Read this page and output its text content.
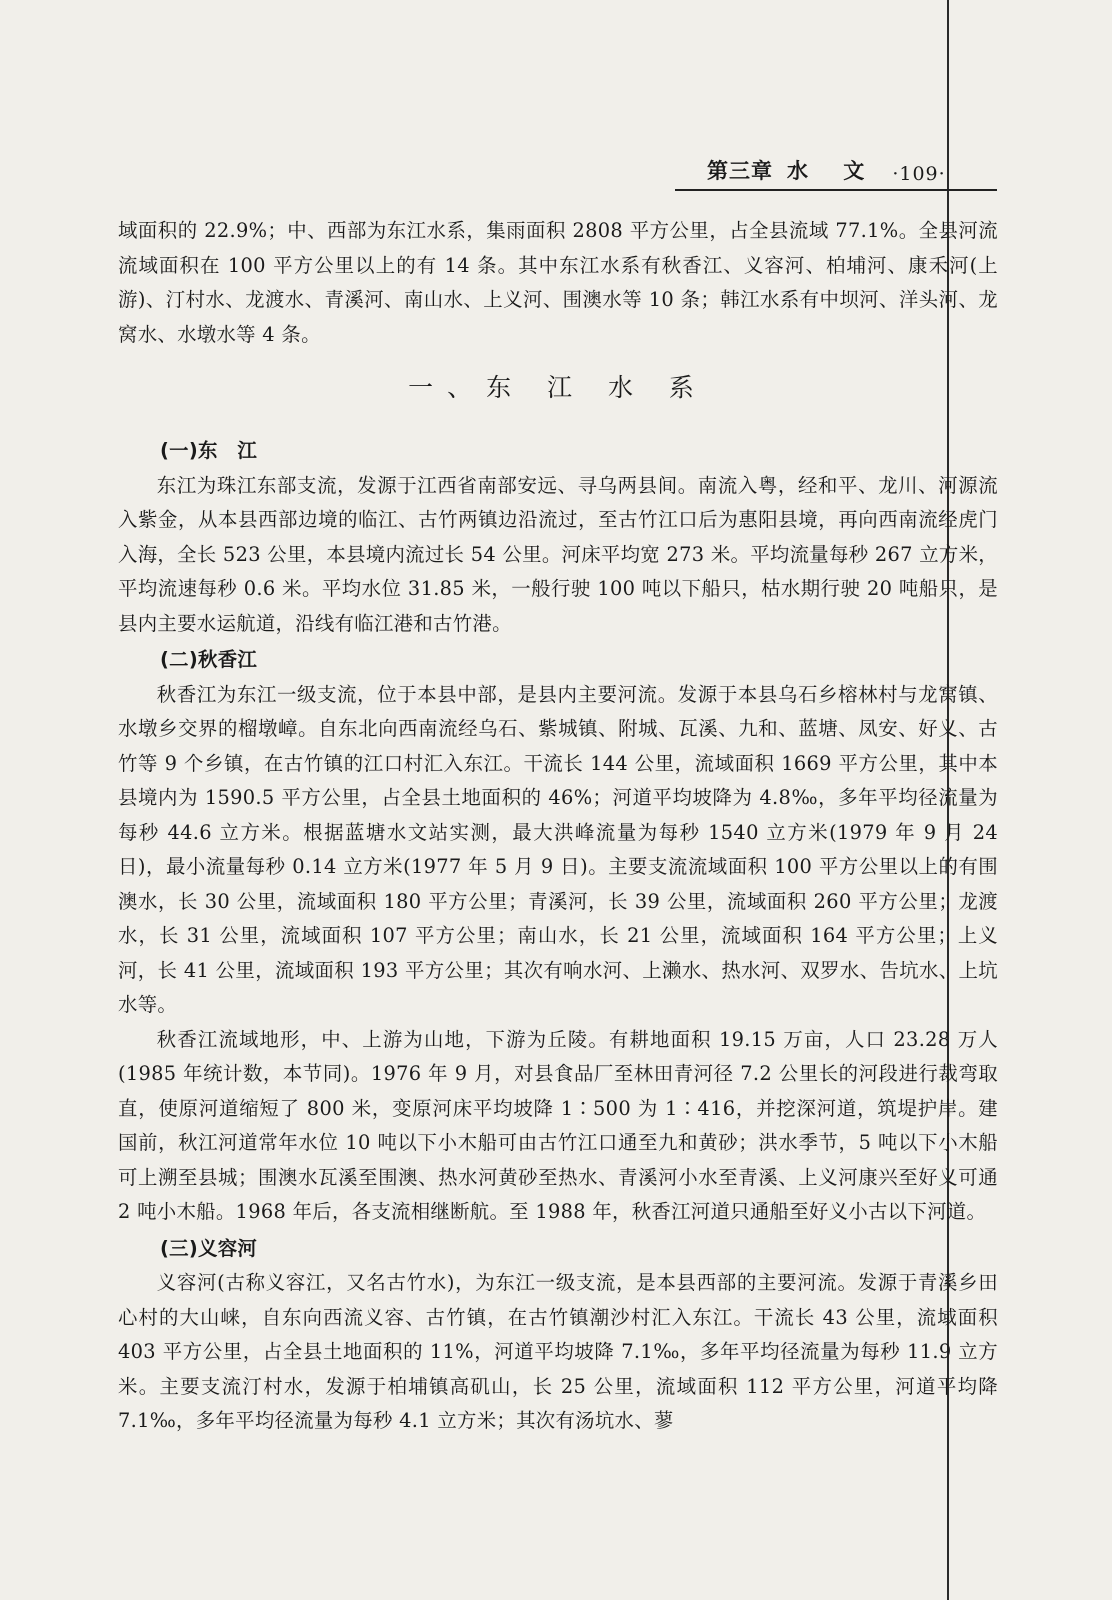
第三章 水 文 ·109·

域面积的 22.9%；中、西部为东江水系，集雨面积 2808 平方公里，占全县流域 77.1%。全县河流流域面积在 100 平方公里以上的有 14 条。其中东江水系有秋香江、义容河、柏埔河、康禾河(上游)、汀村水、龙渡水、青溪河、南山水、上义河、围澳水等 10 条；韩江水系有中坝河、洋头河、龙窝水、水墩水等 4 条。

一、东 江 水 系
(一)东　江

东江为珠江东部支流，发源于江西省南部安远、寻乌两县间。南流入粤，经和平、龙川、河源流入紫金，从本县西部边境的临江、古竹两镇边沿流过，至古竹江口后为惠阳县境，再向西南流经虎门入海，全长 523 公里，本县境内流过长 54 公里。河床平均宽 273 米。平均流量每秒 267 立方米，平均流速每秒 0.6 米。平均水位 31.85 米，一般行驶 100 吨以下船只，枯水期行驶 20 吨船只，是县内主要水运航道，沿线有临江港和古竹港。

(二)秋香江

秋香江为东江一级支流，位于本县中部，是县内主要河流。发源于本县乌石乡榕林村与龙窝镇、水墩乡交界的榴墩嶂。自东北向西南流经乌石、紫城镇、附城、瓦溪、九和、蓝塘、凤安、好义、古竹等 9 个乡镇，在古竹镇的江口村汇入东江。干流长 144 公里，流域面积 1669 平方公里，其中本县境内为 1590.5 平方公里，占全县土地面积的 46%；河道平均坡降为 4.8‰，多年平均径流量为每秒 44.6 立方米。根据蓝塘水文站实测，最大洪峰流量为每秒 1540 立方米(1979 年 9 月 24 日)，最小流量每秒 0.14 立方米(1977 年 5 月 9 日)。主要支流流域面积 100 平方公里以上的有围澳水，长 30 公里，流域面积 180 平方公里；青溪河，长 39 公里，流域面积 260 平方公里；龙渡水，长 31 公里，流域面积 107 平方公里；南山水，长 21 公里，流域面积 164 平方公里；上义河，长 41 公里，流域面积 193 平方公里；其次有响水河、上濑水、热水河、双罗水、告坑水、上坑水等。

秋香江流域地形，中、上游为山地，下游为丘陵。有耕地面积 19.15 万亩，人口 23.28 万人(1985 年统计数，本节同)。1976 年 9 月，对县食品厂至林田青河径 7.2 公里长的河段进行裁弯取直，使原河道缩短了 800 米，变原河床平均坡降 1∶500 为 1∶416，并挖深河道，筑堤护岸。建国前，秋江河道常年水位 10 吨以下小木船可由古竹江口通至九和黄砂；洪水季节，5 吨以下小木船可上溯至县城；围澳水瓦溪至围澳、热水河黄砂至热水、青溪河小水至青溪、上义河康兴至好义可通 2 吨小木船。1968 年后，各支流相继断航。至 1988 年，秋香江河道只通船至好义小古以下河道。

(三)义容河

义容河(古称义容江，又名古竹水)，为东江一级支流，是本县西部的主要河流。发源于青溪乡田心村的大山崃，自东向西流义容、古竹镇，在古竹镇潮沙村汇入东江。干流长 43 公里，流域面积 403 平方公里，占全县土地面积的 11%，河道平均坡降 7.1‰，多年平均径流量为每秒 11.9 立方米。主要支流汀村水，发源于柏埔镇高矶山，长 25 公里，流域面积 112 平方公里，河道平均降 7.1‰，多年平均径流量为每秒 4.1 立方米；其次有汤坑水、蓼
